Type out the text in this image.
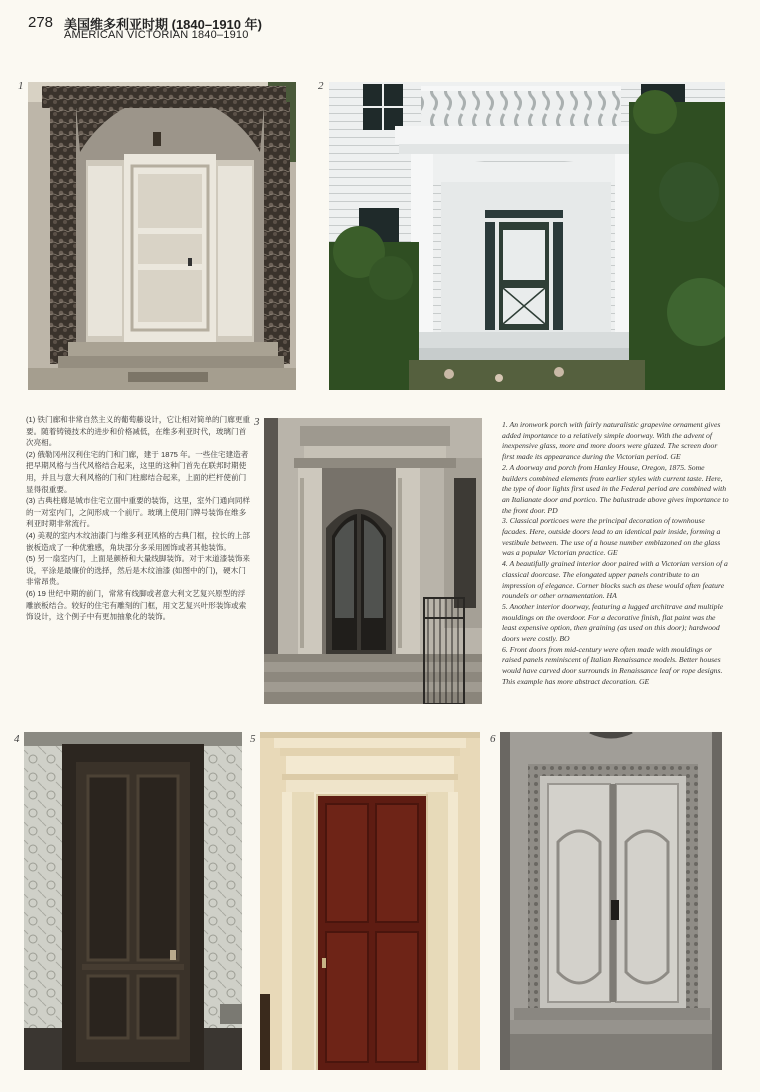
278 美国维多利亚时期 (1840–1910 年)
AMERICAN VICTORIAN 1840–1910
1	2
3
4	5	6
(1) 铁门廊和非常自然主义的葡萄藤设计，它让相对简单的门廊更重要。随着铸镜技术的进步和价格减低，在维多利亚时代，玻璃门首次亮相。
(2) 俄勒冈州汉利住宅的门和门廊，建于 1875 年。一些住宅建造者把早期风格与当代风格结合起来，这里的这种门首先在联邦时期使用，并且与意大利风格的门和门柱廊结合起来，上面的栏杆使前门显得很重要。
(3) 古典柱廊是城市住宅立面中重要的装饰，这里，室外门通向同样的一对室内门，之间形成一个前厅。玻璃上使用门牌号装饰在维多利亚时期非常流行。
(4) 美观的室内木纹油漆门与维多利亚风格的古典门框，拉长的上部嵌板造成了一种优雅感，角块部分多采用圆饰或者其他装饰。
(5) 另一扇室内门，上面是颜桥和大量线脚装饰。对于末道漆装饰来说，平涂是最廉价的选择，然后是木纹油漆 (如图中的门)，硬木门非常昂贵。
(6) 19 世纪中期的前门，常常有线脚或者意大利文艺复兴原型的浮雕嵌板结合。较好的住宅有雕刻的门框，用文艺复兴叶形装饰或索饰设计，这个例子中有更加抽象化的装饰。
1. An ironwork porch with fairly naturalistic grapevine ornament gives added importance to a relatively simple doorway. With the advent of inexpensive glass, more and more doors were glazed. The screen door first made its appearance during the Victorian period. GE
2. A doorway and porch from Hanley House, Oregon, 1875. Some builders combined elements from earlier styles with current taste. Here, the type of door lights first used in the Federal period are combined with an Italianate door and portico. The balustrade above gives importance to the front door. PD
3. Classical porticoes were the principal decoration of townhouse facades. Here, outside doors lead to an identical pair inside, forming a vestibule between. The use of a house number emblazoned on the glass was a popular Victorian practice. GE
4. A beautifully grained interior door paired with a Victorian version of a classical doorcase. The elongated upper panels contribute to an impression of elegance. Corner blocks such as these would often feature roundels or other ornamentation. HA
5. Another interior doorway, featuring a lugged architrave and multiple mouldings on the overdoor. For a decorative finish, flat paint was the least expensive option, then graining (as used on this door); hardwood doors were costly. BO
6. Front doors from mid-century were often made with mouldings or raised panels reminiscent of Italian Renaissance models. Better houses would have carved door surrounds in Renaissance leaf or rope designs. This example has more abstract decoration. GE
